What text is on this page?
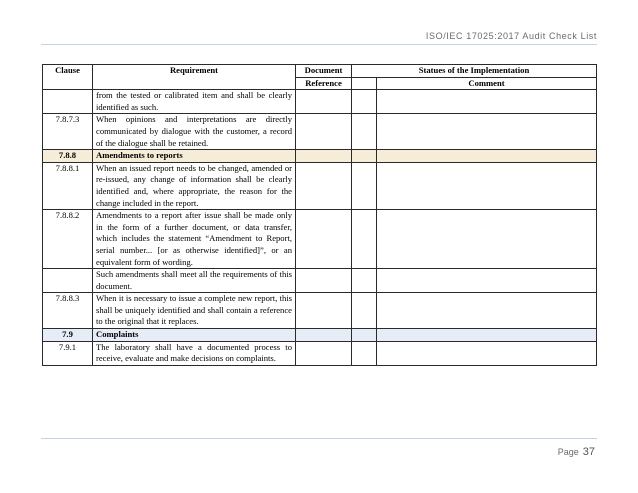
ISO/IEC 17025:2017 Audit Check List
Clause	Requirement	Document	Statues of the Implementation	
		Reference		Comment
	from the tested or calibrated item and shall be clearly identified as such.			
7.8.7.3	When opinions and interpretations are directly communicated by dialogue with the customer, a record of the dialogue shall be retained.			
7.8.8	Amendments to reports			
7.8.8.1	When an issued report needs to be changed, amended or re-issued, any change of information shall be clearly identified and, where appropriate, the reason for the change included in the report.			
7.8.8.2	Amendments to a report after issue shall be made only in the form of a further document, or data transfer, which includes the statement “Amendment to Report, serial number... [or as otherwise identified]”, or an equivalent form of wording.			
	Such amendments shall meet all the requirements of this document.			
7.8.8.3	When it is necessary to issue a complete new report, this shall be uniquely identified and shall contain a reference to the original that it replaces.			
7.9	Complaints			
7.9.1	The laboratory shall have a documented process to receive, evaluate and make decisions on complaints.			
Page 37
